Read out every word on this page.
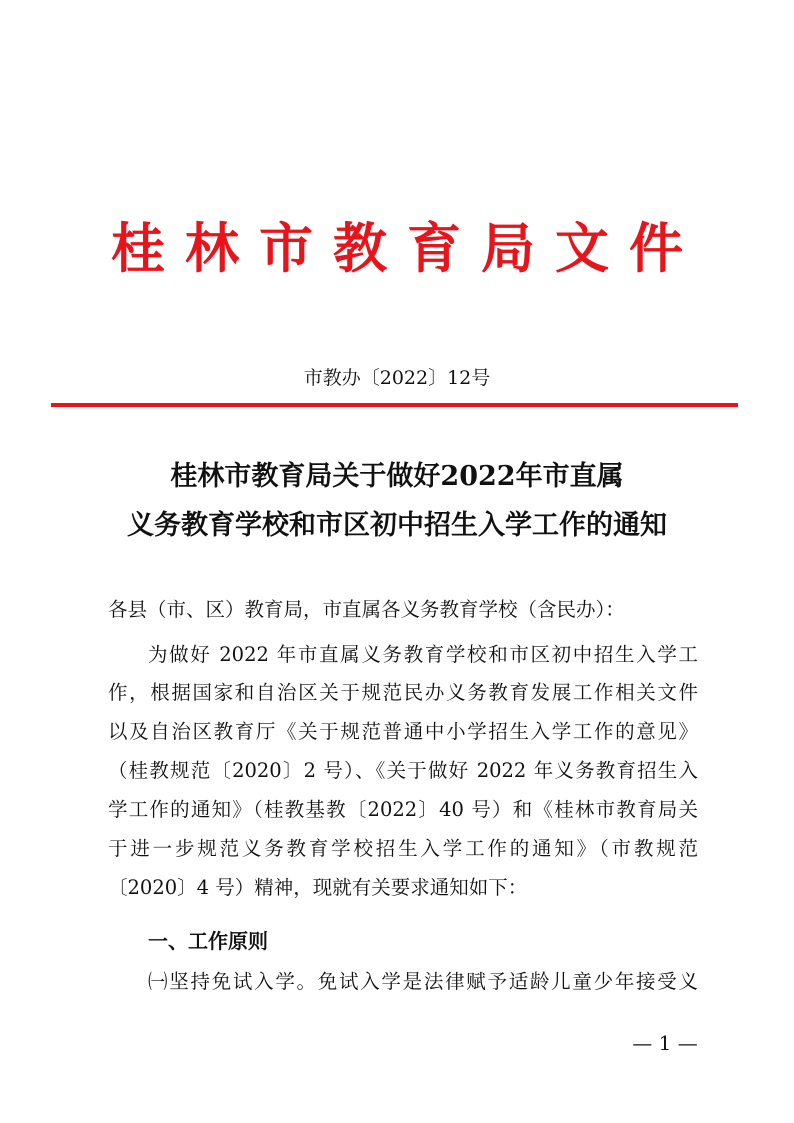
桂林市教育局文件
市教办〔2022〕12号
桂林市教育局关于做好2022年市直属
义务教育学校和市区初中招生入学工作的通知
各县（市、区）教育局，市直属各义务教育学校（含民办）：
为做好 2022 年市直属义务教育学校和市区初中招生入学工
作，根据国家和自治区关于规范民办义务教育发展工作相关文件
以及自治区教育厅《关于规范普通中小学招生入学工作的意见》
（桂教规范〔2020〕2 号）、《关于做好 2022 年义务教育招生入
学工作的通知》（桂教基教〔2022〕40 号）和《桂林市教育局关
于进一步规范义务教育学校招生入学工作的通知》（市教规范
〔2020〕4 号）精神，现就有关要求通知如下：
一、工作原则
㈠坚持免试入学。免试入学是法律赋予适龄儿童少年接受义
— 1 —
